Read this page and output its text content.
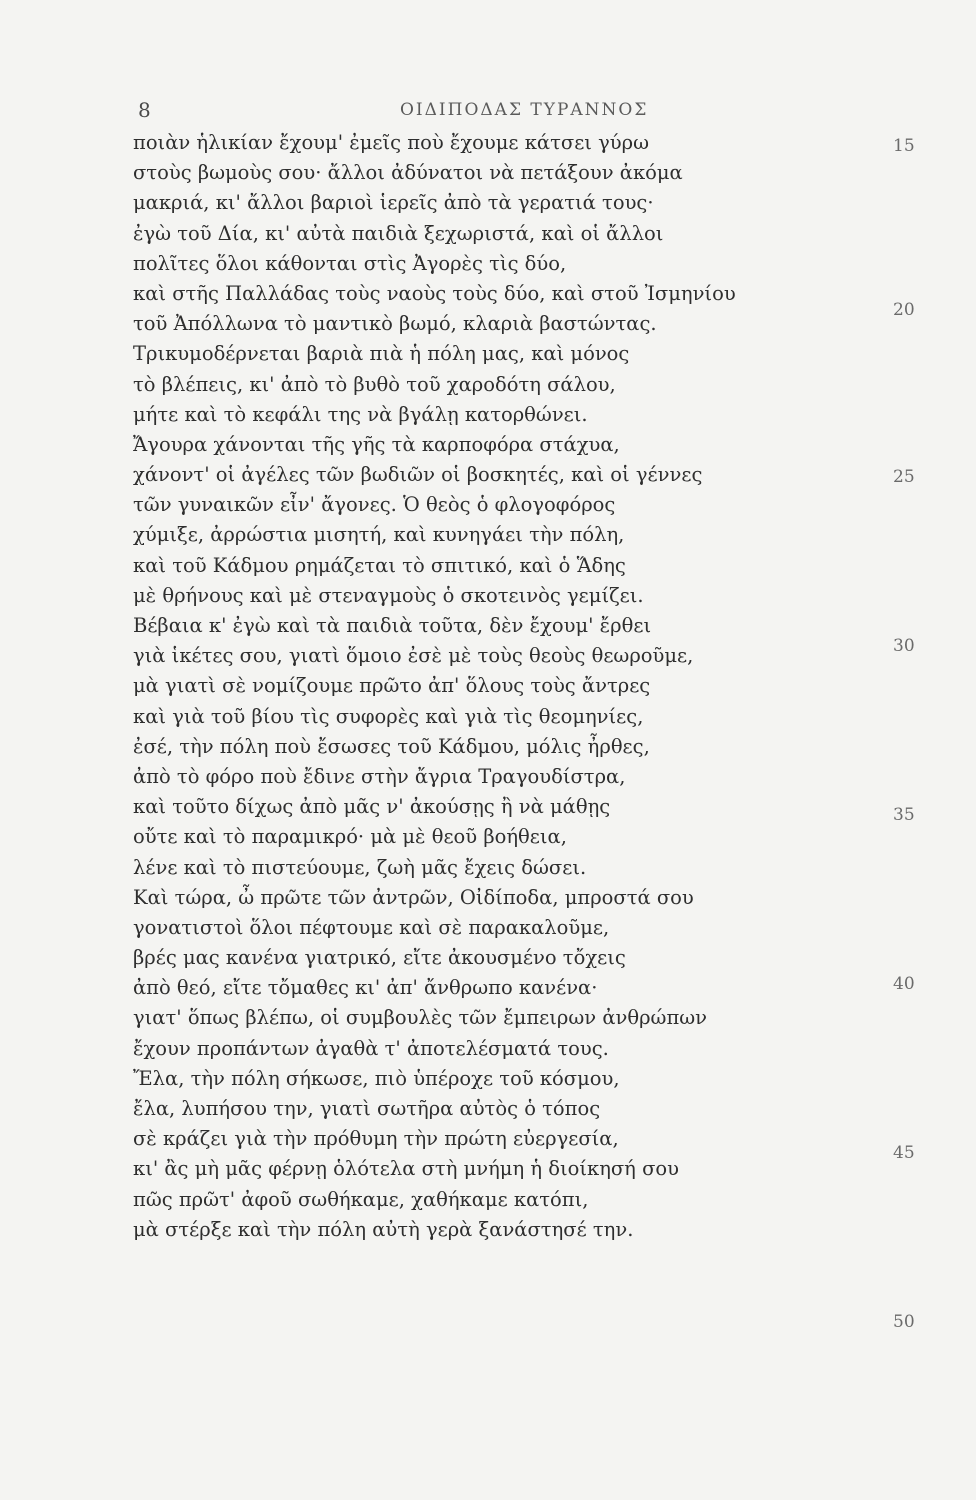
8	ΟΙΔΙΠΟΔΑΣ ΤΥΡΑΝΝΟΣ
ποιὰν ἡλικίαν ἔχουμ' ἐμεῖς ποὺ ἔχουμε κάτσει γύρω
στοὺς βωμοὺς σου· ἄλλοι ἀδύνατοι νὰ πετάξουν ἀκόμα
μακριά, κι' ἄλλοι βαριοὶ ἱερεῖς ἀπὸ τὰ γερατιά τους·
ἐγὼ τοῦ Δία, κι' αὐτὰ παιδιὰ ξεχωριστά, καὶ οἱ ἄλλοι
πολῖτες ὅλοι κάθονται στὶς Ἀγορὲς τὶς δύο,
καὶ στῆς Παλλάδας τοὺς ναοὺς τοὺς δύο, καὶ στοῦ Ἰσμηνίου
τοῦ Ἀπόλλωνα τὸ μαντικὸ βωμό, κλαριὰ βαστώντας.
Τρικυμοδέρνεται βαριὰ πιὰ ἡ πόλη μας, καὶ μόνος
τὸ βλέπεις, κι' ἀπὸ τὸ βυθὸ τοῦ χαροδότη σάλου,
μήτε καὶ τὸ κεφάλι της νὰ βγάλῃ κατορθώνει.
Ἄγουρα χάνονται τῆς γῆς τὰ καρποφόρα στάχυα,
χάνοντ' οἱ ἀγέλες τῶν βωδιῶν οἱ βοσκητές, καὶ οἱ γέννες
τῶν γυναικῶν εἶν' ἄγονες. Ὁ θεὸς ὁ φλογοφόρος
χύμιξε, ἀρρώστια μισητή, καὶ κυνηγάει τὴν πόλη,
καὶ τοῦ Κάδμου ρημάζεται τὸ σπιτικό, καὶ ὁ Ἅδης
μὲ θρήνους καὶ μὲ στεναγμοὺς ὁ σκοτεινὸς γεμίζει.
Βέβαια κ' ἐγὼ καὶ τὰ παιδιὰ τοῦτα, δὲν ἔχουμ' ἔρθει
γιὰ ἱκέτες σου, γιατὶ ὅμοιο ἐσὲ μὲ τοὺς θεοὺς θεωροῦμε,
μὰ γιατὶ σὲ νομίζουμε πρῶτο ἀπ' ὅλους τοὺς ἄντρες
καὶ γιὰ τοῦ βίου τὶς συφορὲς καὶ γιὰ τὶς θεομηνίες,
ἐσέ, τὴν πόλη ποὺ ἔσωσες τοῦ Κάδμου, μόλις ἦρθες,
ἀπὸ τὸ φόρο ποὺ ἔδινε στὴν ἄγρια Τραγουδίστρα,
καὶ τοῦτο δίχως ἀπὸ μᾶς ν' ἀκούσῃς ἢ νὰ μάθῃς
οὔτε καὶ τὸ παραμικρό· μὰ μὲ θεοῦ βοήθεια,
λένε καὶ τὸ πιστεύουμε, ζωὴ μᾶς ἔχεις δώσει.
Καὶ τώρα, ὦ πρῶτε τῶν ἀντρῶν, Οἰδίποδα, μπροστά σου
γονατιστοὶ ὅλοι πέφτουμε καὶ σὲ παρακαλοῦμε,
βρές μας κανένα γιατρικό, εἴτε ἀκουσμένο τὄχεις
ἀπὸ θεό, εἴτε τὄμαθες κι' ἀπ' ἄνθρωπο κανένα·
γιατ' ὅπως βλέπω, οἱ συμβουλὲς τῶν ἔμπειρων ἀνθρώπων
ἔχουν προπάντων ἀγαθὰ τ' ἀποτελέσματά τους.
Ἔλα, τὴν πόλη σήκωσε, πιὸ ὑπέροχε τοῦ κόσμου,
ἔλα, λυπήσου την, γιατὶ σωτῆρα αὐτὸς ὁ τόπος
σὲ κράζει γιὰ τὴν πρόθυμη τὴν πρώτη εὐεργεσία,
κι' ἂς μὴ μᾶς φέρνῃ ὁλότελα στὴ μνήμη ἡ διοίκησή σου
πῶς πρῶτ' ἀφοῦ σωθήκαμε, χαθήκαμε κατόπι,
μὰ στέρξε καὶ τὴν πόλη αὐτὴ γερὰ ξανάστησέ την.
15
20
25
30
35
40
45
50
